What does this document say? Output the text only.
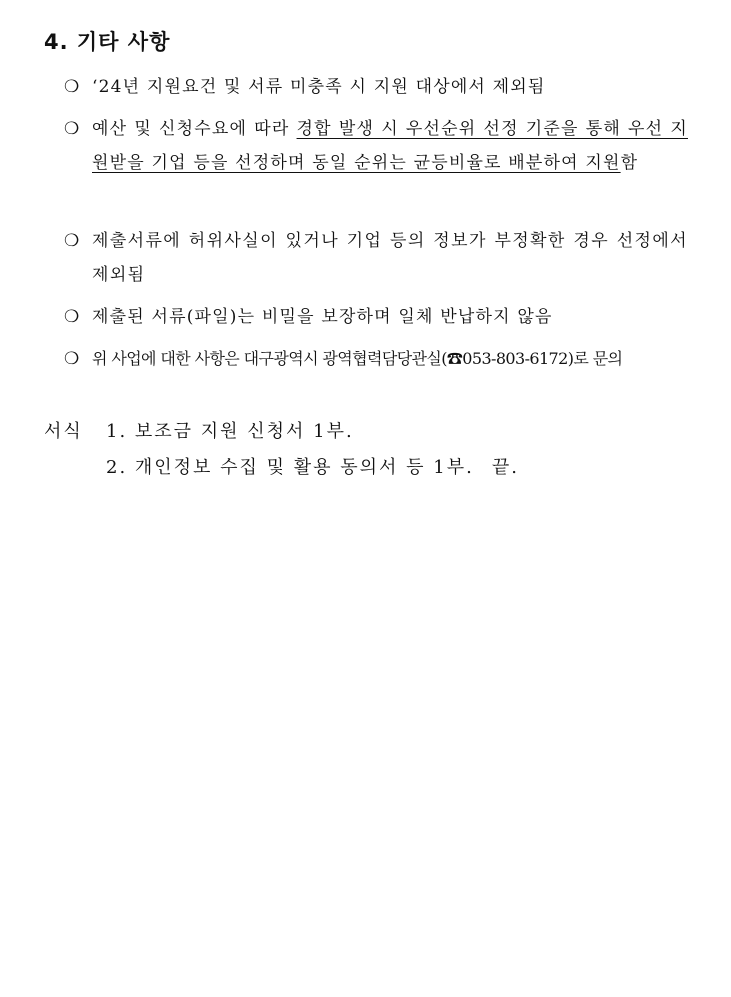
4. 기타 사항
❍ ‘24년 지원요건 및 서류 미충족 시 지원 대상에서 제외됨
❍ 예산 및 신청수요에 따라 경합 발생 시 우선순위 선정 기준을 통해 우선 지원받을 기업 등을 선정하며 동일 순위는 균등비율로 배분하여 지원함
❍ 제출서류에 허위사실이 있거나 기업 등의 정보가 부정확한 경우 선정에서 제외됨
❍ 제출된 서류(파일)는 비밀을 보장하며 일체 반납하지 않음
❍ 위 사업에 대한 사항은 대구광역시 광역협력담당관실(☎053-803-6172)로 문의
서식 1. 보조금 지원 신청서 1부.
2. 개인정보 수집 및 활용 동의서 등 1부. 끝.
